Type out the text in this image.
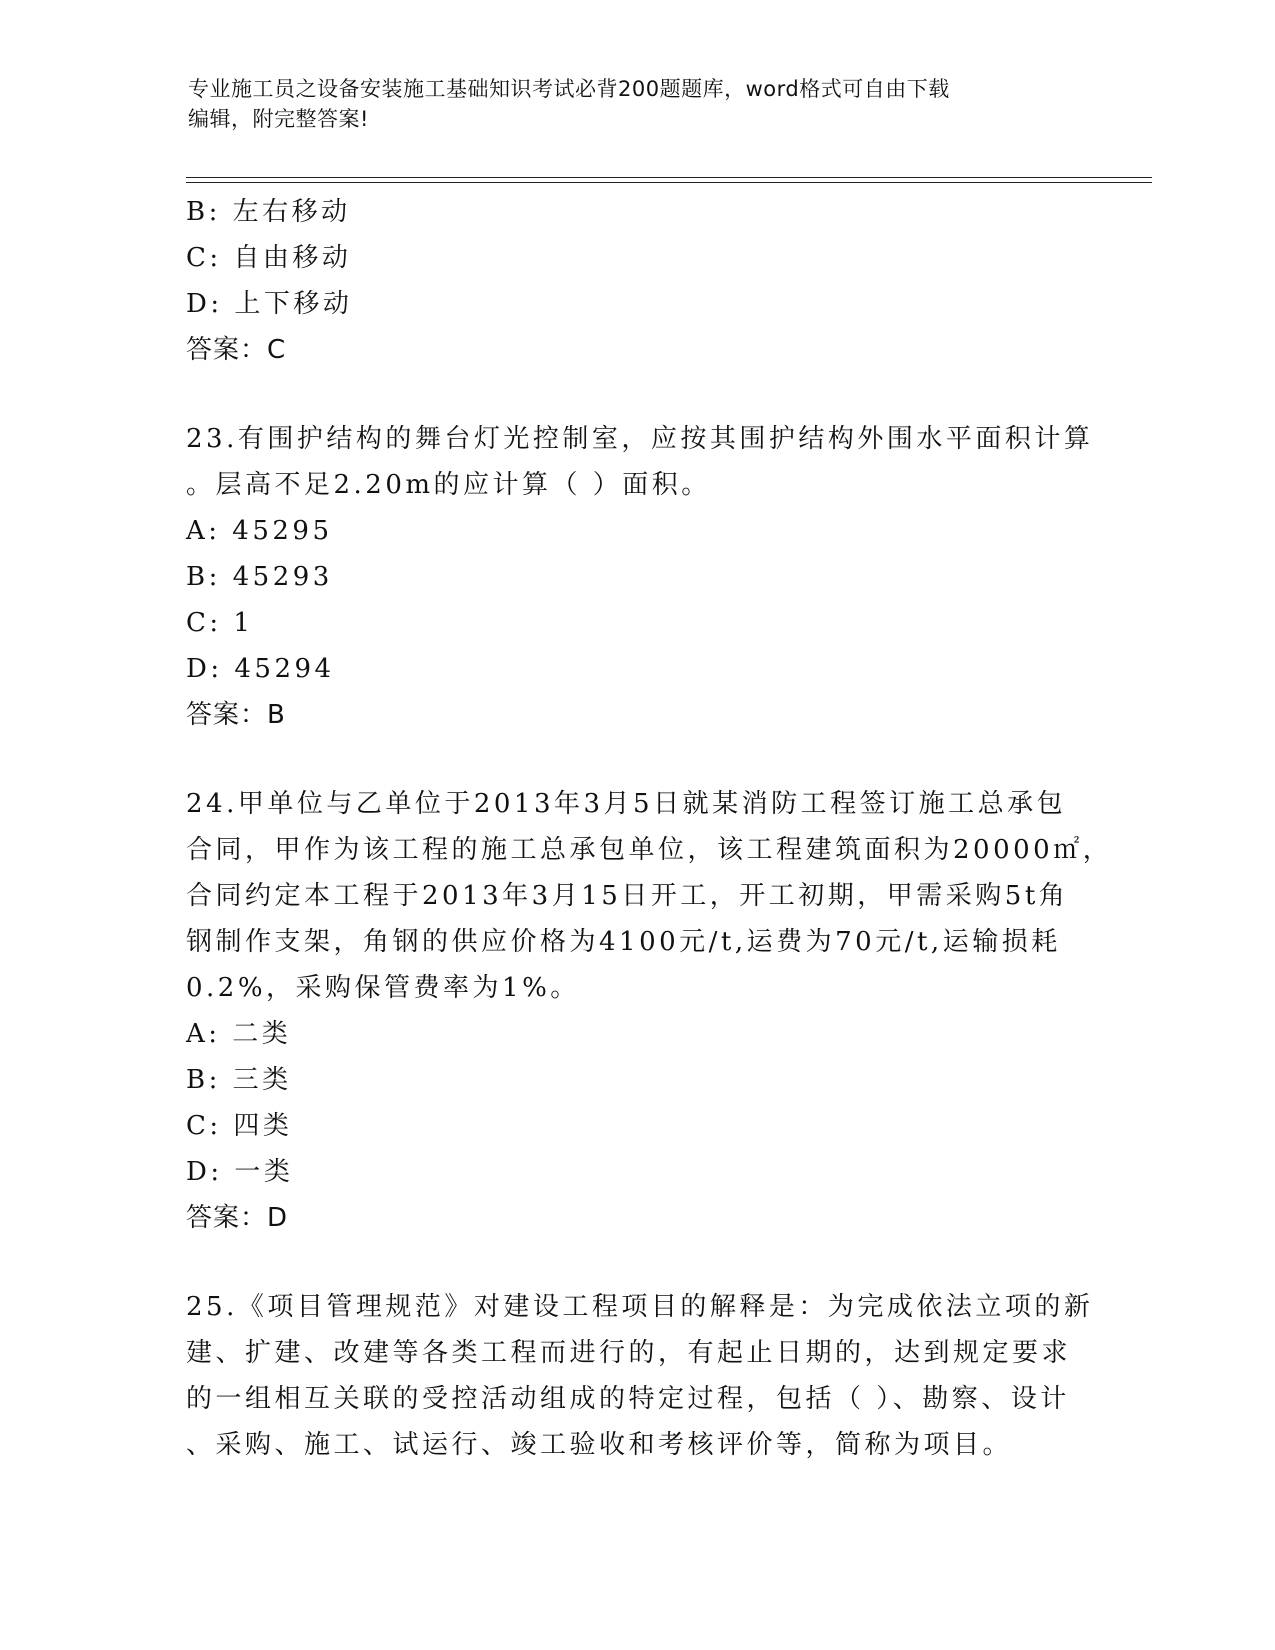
专业施工员之设备安装施工基础知识考试必背200题题库，word格式可自由下载
编辑，附完整答案!
B: 左右移动
C: 自由移动
D: 上下移动
答案：C
23.有围护结构的舞台灯光控制室，应按其围护结构外围水平面积计算
。层高不足2.20m的应计算（ ）面积。
A: 45295
B: 45293
C: 1
D: 45294
答案：B
24.甲单位与乙单位于2013年3月5日就某消防工程签订施工总承包
合同，甲作为该工程的施工总承包单位，该工程建筑面积为20000㎡，
合同约定本工程于2013年3月15日开工，开工初期，甲需采购5t角
钢制作支架，角钢的供应价格为4100元/t,运费为70元/t,运输损耗
0.2%，采购保管费率为1%。
A: 二类
B: 三类
C: 四类
D: 一类
答案：D
25.《项目管理规范》对建设工程项目的解释是：为完成依法立项的新
建、扩建、改建等各类工程而进行的，有起止日期的，达到规定要求
的一组相互关联的受控活动组成的特定过程，包括（ ）、勘察、设计
、采购、施工、试运行、竣工验收和考核评价等，简称为项目。
